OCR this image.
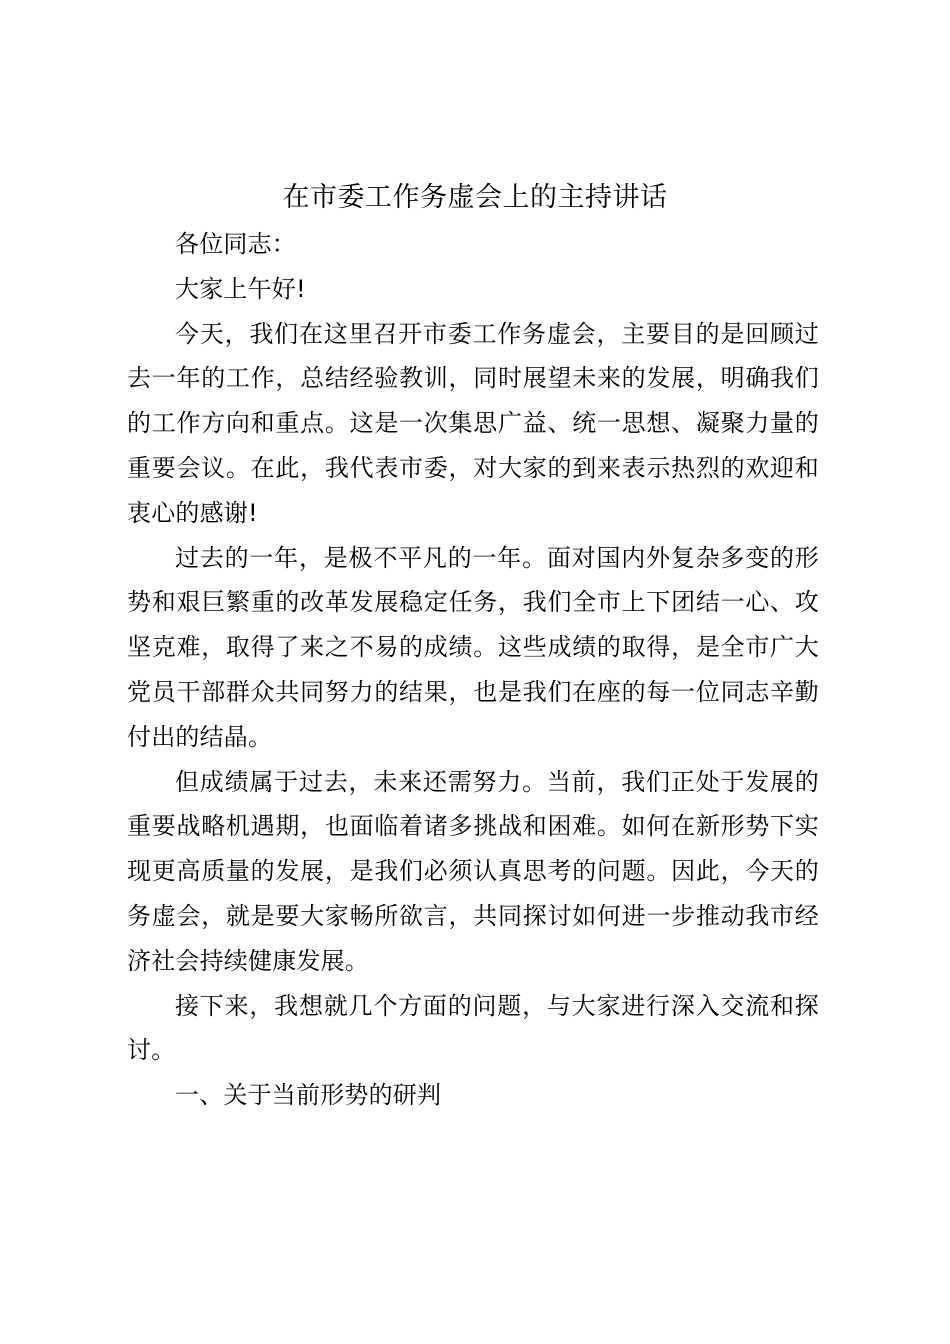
在市委工作务虚会上的主持讲话

各位同志：

大家上午好!

今天，我们在这里召开市委工作务虚会，主要目的是回顾过去一年的工作，总结经验教训，同时展望未来的发展，明确我们的工作方向和重点。这是一次集思广益、统一思想、凝聚力量的重要会议。在此，我代表市委，对大家的到来表示热烈的欢迎和衷心的感谢!

过去的一年，是极不平凡的一年。面对国内外复杂多变的形势和艰巨繁重的改革发展稳定任务，我们全市上下团结一心、攻坚克难，取得了来之不易的成绩。这些成绩的取得，是全市广大党员干部群众共同努力的结果，也是我们在座的每一位同志辛勤付出的结晶。

但成绩属于过去，未来还需努力。当前，我们正处于发展的重要战略机遇期，也面临着诸多挑战和困难。如何在新形势下实现更高质量的发展，是我们必须认真思考的问题。因此，今天的务虚会，就是要大家畅所欲言，共同探讨如何进一步推动我市经济社会持续健康发展。

接下来，我想就几个方面的问题，与大家进行深入交流和探讨。

一、关于当前形势的研判
